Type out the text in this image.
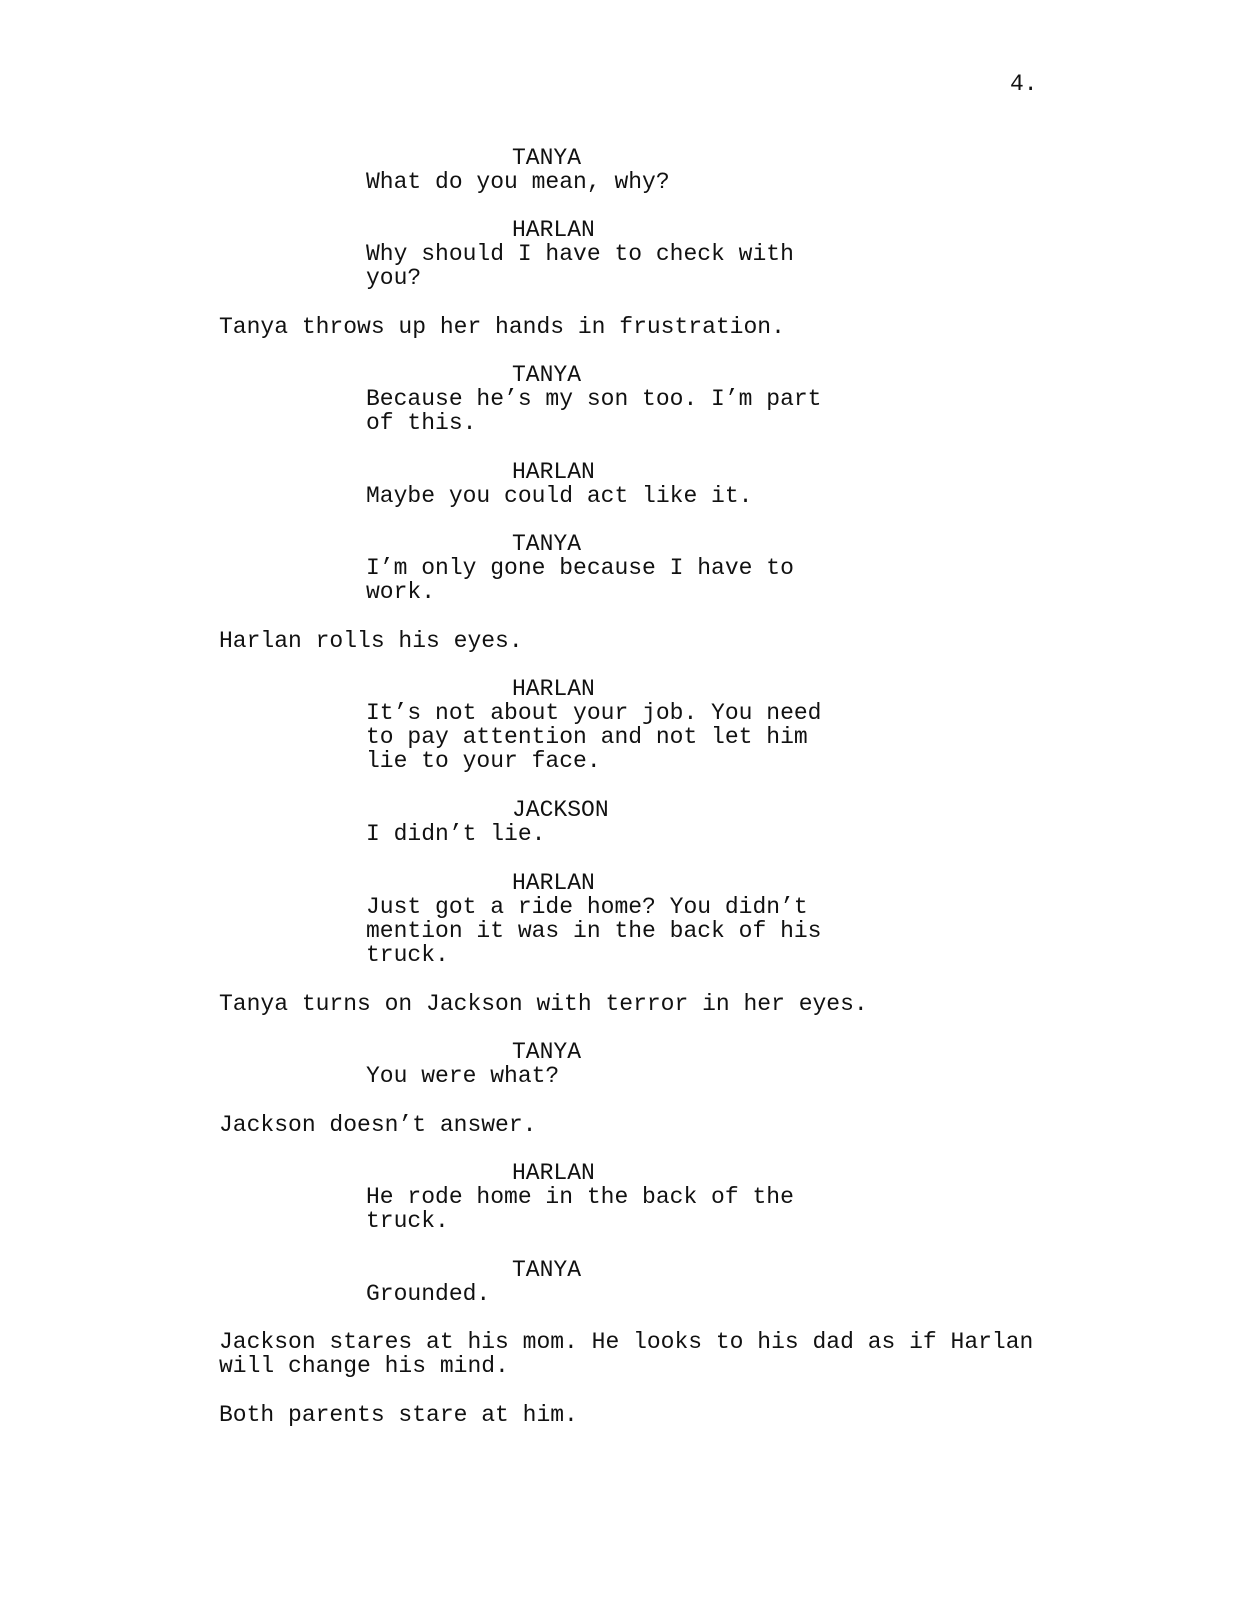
4.
TANYA
What do you mean, why?
HARLAN
Why should I have to check with
you?
Tanya throws up her hands in frustration.
TANYA
Because he’s my son too. I’m part
of this.
HARLAN
Maybe you could act like it.
TANYA
I’m only gone because I have to
work.
Harlan rolls his eyes.
HARLAN
It’s not about your job. You need
to pay attention and not let him
lie to your face.
JACKSON
I didn’t lie.
HARLAN
Just got a ride home? You didn’t
mention it was in the back of his
truck.
Tanya turns on Jackson with terror in her eyes.
TANYA
You were what?
Jackson doesn’t answer.
HARLAN
He rode home in the back of the
truck.
TANYA
Grounded.
Jackson stares at his mom. He looks to his dad as if Harlan
will change his mind.
Both parents stare at him.
